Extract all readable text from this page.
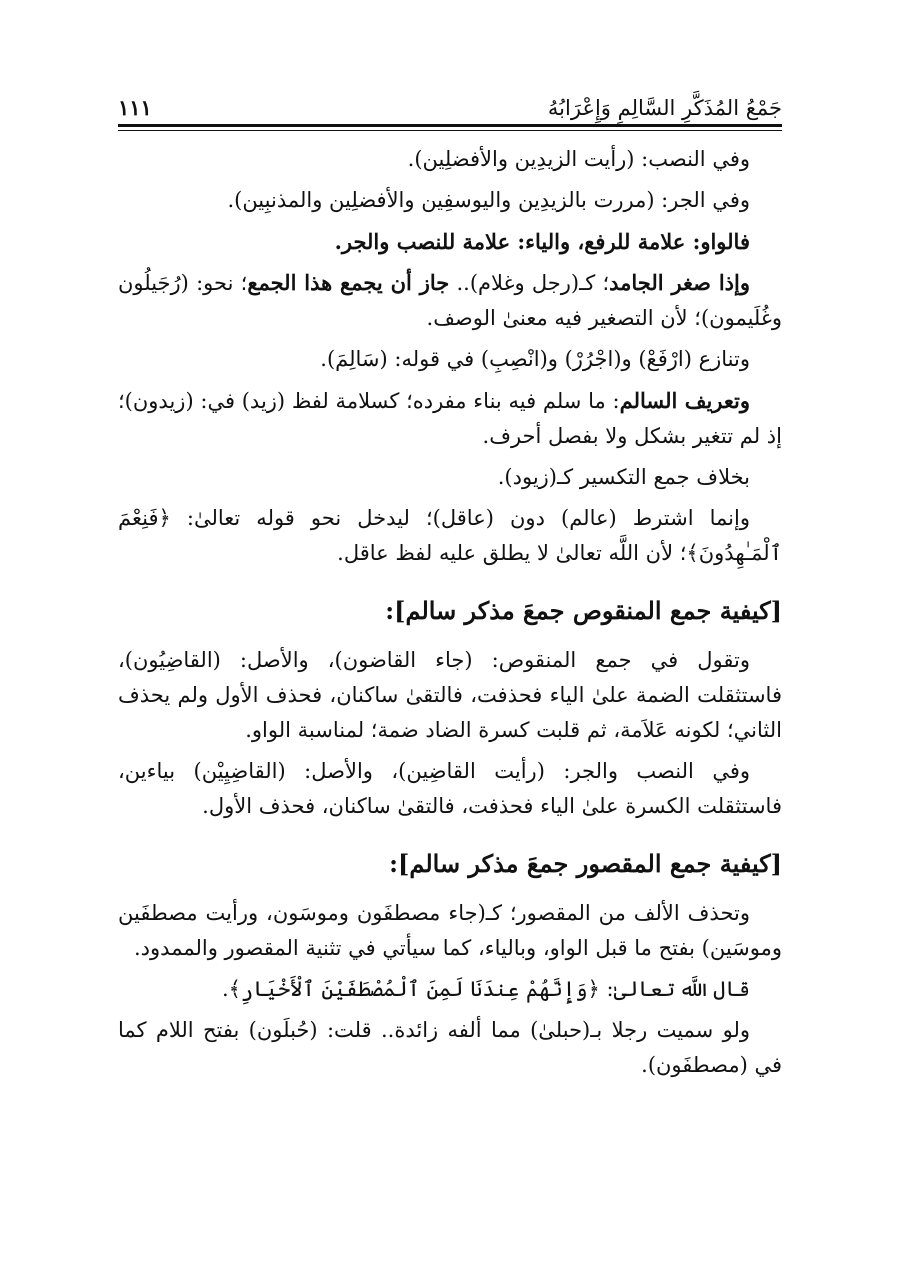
جَمْعُ المُذَكَّرِ السَّالِمِ وَإِعْرَابُهُ
١١١

وفي النصب: (رأيت الزيدِين والأفضلِين).

وفي الجر: (مررت بالزيدِين واليوسفِين والأفضلِين والمذنبِين).

فالواو: علامة للرفع، والياء: علامة للنصب والجر.

وإذا صغر الجامد؛ كـ(رجل وغلام).. جاز أن يجمع هذا الجمع؛ نحو: (رُجَيلُون وغُلَيمون)؛ لأن التصغير فيه معنىٰ الوصف.

وتنازع (ارْفَعْ) و(اجْرُرْ) و(انْصِبِ) في قوله: (سَالِمَ).

وتعريف السالم: ما سلم فيه بناء مفرده؛ كسلامة لفظ (زيد) في: (زيدون)؛ إذ لم تتغير بشكل ولا بفصل أحرف.

بخلاف جمع التكسير كـ(زيود).

وإنما اشترط (عالم) دون (عاقل)؛ ليدخل نحو قوله تعالىٰ: ﴿فَنِعْمَ ٱلْمَـٰهِدُونَ﴾؛ لأن اللَّه تعالىٰ لا يطلق عليه لفظ عاقل.

[كيفية جمع المنقوص جمعَ مذكر سالم]:

وتقول في جمع المنقوص: (جاء القاضون)، والأصل: (القاضِيُون)، فاستثقلت الضمة علىٰ الياء فحذفت، فالتقىٰ ساكنان، فحذف الأول ولم يحذف الثاني؛ لكونه عَلاَمة، ثم قلبت كسرة الضاد ضمة؛ لمناسبة الواو.

وفي النصب والجر: (رأيت القاضِين)، والأصل: (القاضِيِيْن) بياءين، فاستثقلت الكسرة علىٰ الياء فحذفت، فالتقىٰ ساكنان، فحذف الأول.

[كيفية جمع المقصور جمعَ مذكر سالم]:

وتحذف الألف من المقصور؛ كـ(جاء مصطفَون وموسَون، ورأيت مصطفَين وموسَين) بفتح ما قبل الواو، وبالياء، كما سيأتي في تثنية المقصور والممدود.

قال اللَّه تعالىٰ: ﴿وَإِنَّهُمْ عِندَنَا لَمِنَ ٱلْمُصْطَفَيْنَ ٱلْأَخْيَارِ﴾.

ولو سميت رجلا بـ(حبلىٰ) مما ألفه زائدة.. قلت: (حُبلَون) بفتح اللام كما في (مصطفَون).
